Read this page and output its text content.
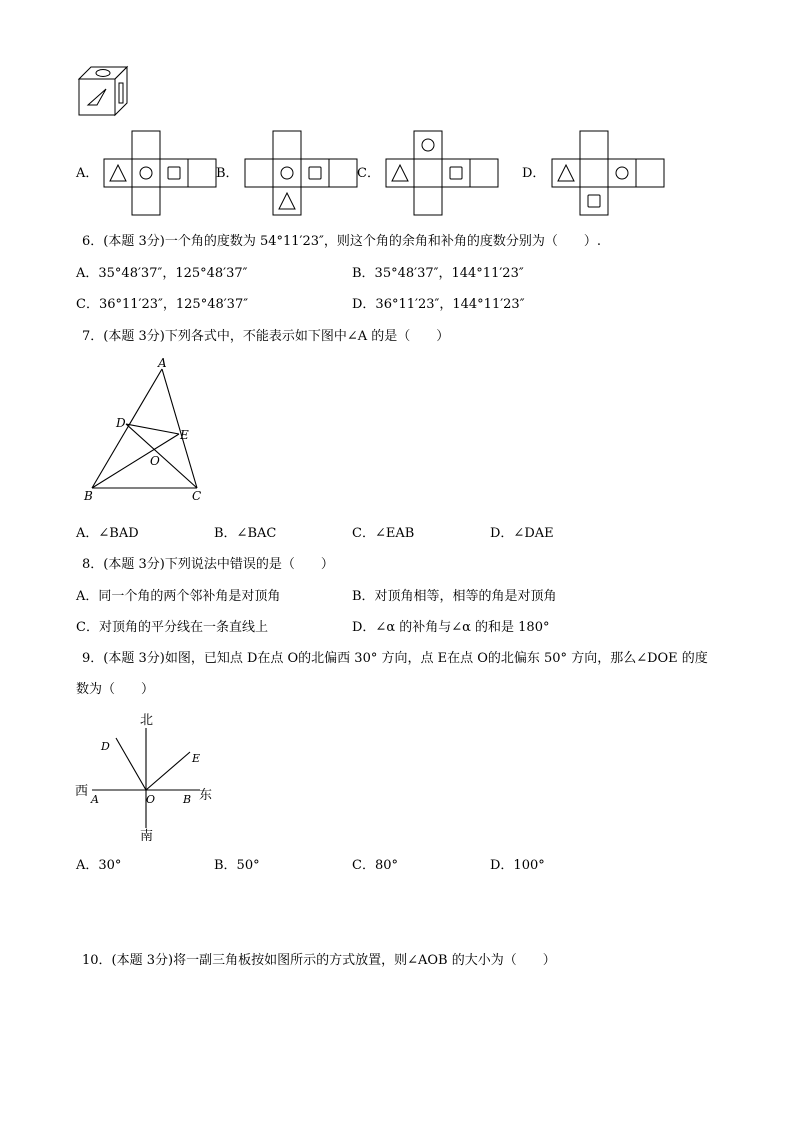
A．	B．	C．	D．
6．(本题 3分)一个角的度数为 54°11′23″，则这个角的余角和补角的度数分别为（　　）.
A．35°48′37″，125°48′37″	B．35°48′37″，144°11′23″
C．36°11′23″，125°48′37″	D．36°11′23″，144°11′23″
7．(本题 3分)下列各式中，不能表示如下图中∠A 的是（　　）
A
D
E
O
B	C
A．∠BAD	B．∠BAC	C．∠EAB	D．∠DAE
8．(本题 3分)下列说法中错误的是（　　）
A．同一个角的两个邻补角是对顶角	B．对顶角相等，相等的角是对顶角
C．对顶角的平分线在一条直线上	D．∠α 的补角与∠α 的和是 180°
9．(本题 3分)如图，已知点 D在点 O的北偏西 30° 方向，点 E在点 O的北偏东 50° 方向，那么∠DOE 的度
数为（　　）
北
南
西	东
A	B
D
E
O
A．30°	B．50°	C．80°	D．100°
10．(本题 3分)将一副三角板按如图所示的方式放置，则∠AOB 的大小为（　　）
